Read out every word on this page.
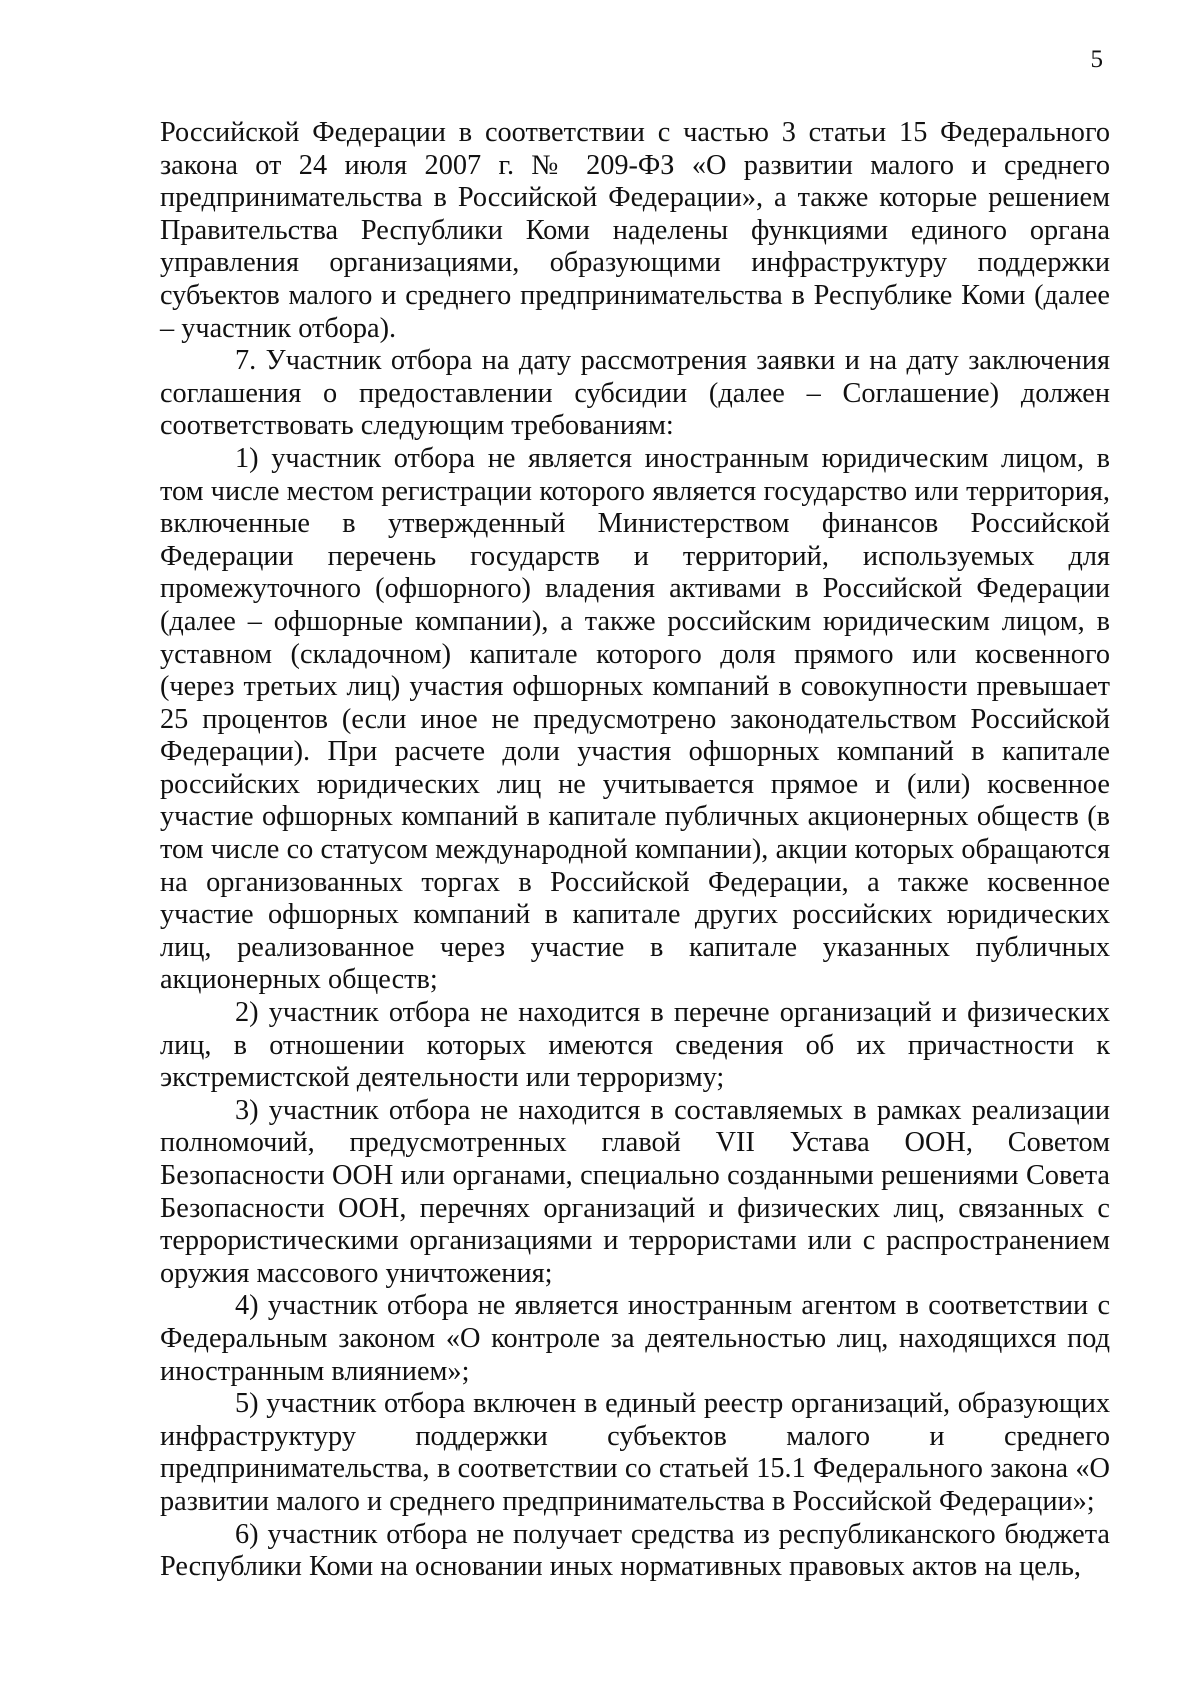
5

Российской Федерации в соответствии с частью 3 статьи 15 Федерального закона от 24 июля 2007 г. № 209-ФЗ «О развитии малого и среднего предпринимательства в Российской Федерации», а также которые решением Правительства Республики Коми наделены функциями единого органа управления организациями, образующими инфраструктуру поддержки субъектов малого и среднего предпринимательства в Республике Коми (далее – участник отбора).

7. Участник отбора на дату рассмотрения заявки и на дату заключения соглашения о предоставлении субсидии (далее – Соглашение) должен соответствовать следующим требованиям:

1) участник отбора не является иностранным юридическим лицом, в том числе местом регистрации которого является государство или территория, включенные в утвержденный Министерством финансов Российской Федерации перечень государств и территорий, используемых для промежуточного (офшорного) владения активами в Российской Федерации (далее – офшорные компании), а также российским юридическим лицом, в уставном (складочном) капитале которого доля прямого или косвенного (через третьих лиц) участия офшорных компаний в совокупности превышает 25 процентов (если иное не предусмотрено законодательством Российской Федерации). При расчете доли участия офшорных компаний в капитале российских юридических лиц не учитывается прямое и (или) косвенное участие офшорных компаний в капитале публичных акционерных обществ (в том числе со статусом международной компании), акции которых обращаются на организованных торгах в Российской Федерации, а также косвенное участие офшорных компаний в капитале других российских юридических лиц, реализованное через участие в капитале указанных публичных акционерных обществ;

2) участник отбора не находится в перечне организаций и физических лиц, в отношении которых имеются сведения об их причастности к экстремистской деятельности или терроризму;

3) участник отбора не находится в составляемых в рамках реализации полномочий, предусмотренных главой VII Устава ООН, Советом Безопасности ООН или органами, специально созданными решениями Совета Безопасности ООН, перечнях организаций и физических лиц, связанных с террористическими организациями и террористами или с распространением оружия массового уничтожения;

4) участник отбора не является иностранным агентом в соответствии с Федеральным законом «О контроле за деятельностью лиц, находящихся под иностранным влиянием»;

5) участник отбора включен в единый реестр организаций, образующих инфраструктуру поддержки субъектов малого и среднего предпринимательства, в соответствии со статьей 15.1 Федерального закона «О развитии малого и среднего предпринимательства в Российской Федерации»;

6) участник отбора не получает средства из республиканского бюджета Республики Коми на основании иных нормативных правовых актов на цель,
